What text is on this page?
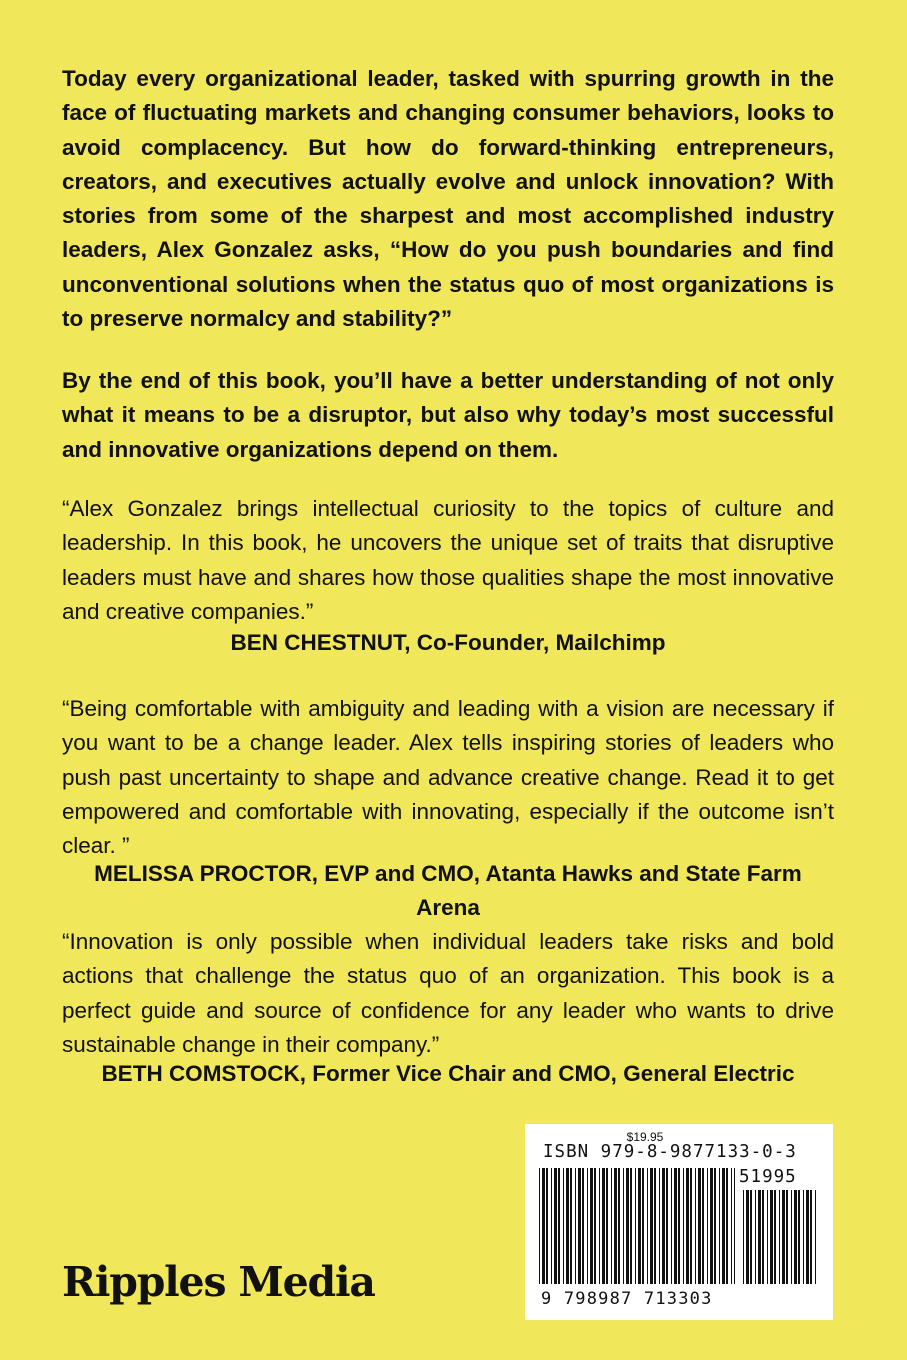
Today every organizational leader, tasked with spurring growth in the face of fluctuating markets and changing consumer behaviors, looks to avoid complacency. But how do forward-thinking entrepreneurs, creators, and executives actually evolve and unlock innovation? With stories from some of the sharpest and most accomplished industry leaders, Alex Gonzalez asks, “How do you push boundaries and find unconventional solutions when the status quo of most organizations is to preserve normalcy and stability?”

By the end of this book, you’ll have a better understanding of not only what it means to be a disruptor, but also why today’s most successful and innovative organizations depend on them.

“Alex Gonzalez brings intellectual curiosity to the topics of culture and leadership. In this book, he uncovers the unique set of traits that disruptive leaders must have and shares how those qualities shape the most innovative and creative companies.”

BEN CHESTNUT, Co-Founder, Mailchimp

“Being comfortable with ambiguity and leading with a vision are necessary if you want to be a change leader. Alex tells inspiring stories of leaders who push past uncertainty to shape and advance creative change. Read it to get empowered and comfortable with innovating, especially if the outcome isn’t clear. ”

MELISSA PROCTOR, EVP and CMO, Atanta Hawks and State Farm Arena

“Innovation is only possible when individual leaders take risks and bold actions that challenge the status quo of an organization. This book is a perfect guide and source of confidence for any leader who wants to drive sustainable change in their company.”

BETH COMSTOCK, Former Vice Chair and CMO, General Electric

Ripples Media
$19.95
ISBN 979-8-9877133-0-3
51995
9 798987 713303
